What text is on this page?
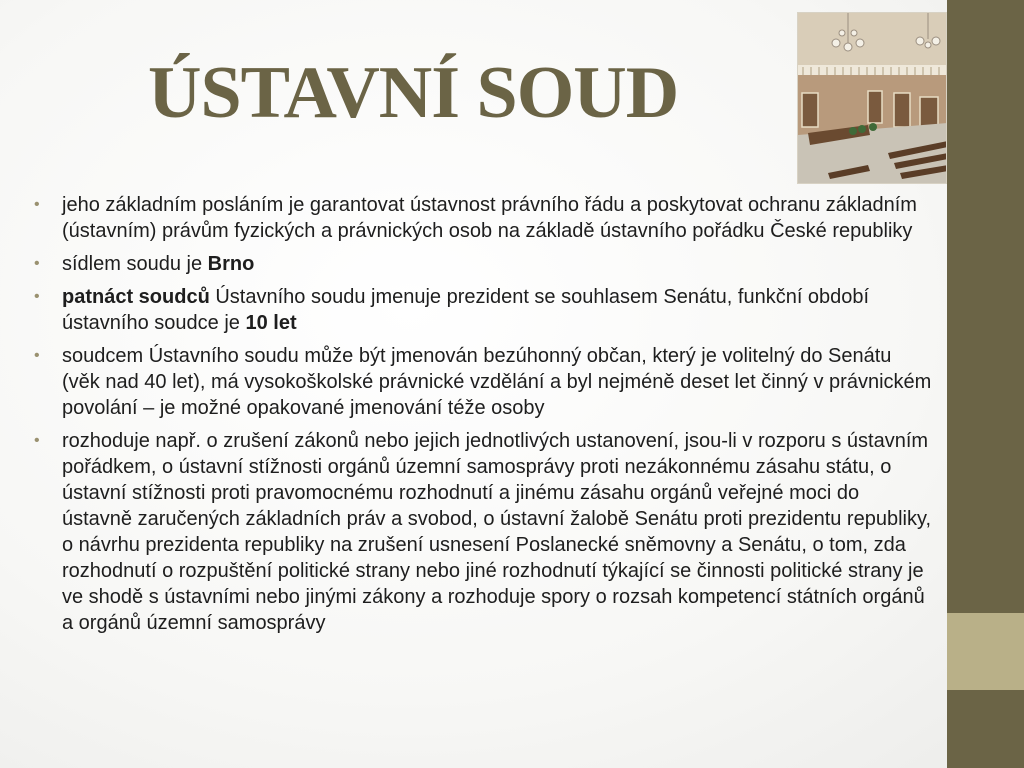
ÚSTAVNÍ SOUD
• jeho základním posláním je garantovat ústavnost právního řádu a poskytovat ochranu základním (ústavním) právům fyzických a právnických osob na základě ústavního pořádku České republiky
• sídlem soudu je Brno
• patnáct soudců Ústavního soudu jmenuje prezident se souhlasem Senátu, funkční období ústavního soudce je 10 let
• soudcem Ústavního soudu může být jmenován bezúhonný občan, který je volitelný do Senátu (věk nad 40 let), má vysokoškolské právnické vzdělání a byl nejméně deset let činný v právnickém povolání – je možné opakované jmenování téže osoby
• rozhoduje např. o zrušení zákonů nebo jejich jednotlivých ustanovení, jsou-li v rozporu s ústavním pořádkem, o ústavní stížnosti orgánů územní samosprávy proti nezákonnému zásahu státu, o ústavní stížnosti proti pravomocnému rozhodnutí a jinému zásahu orgánů veřejné moci do ústavně zaručených základních práv a svobod, o ústavní žalobě Senátu proti prezidentu republiky, o návrhu prezidenta republiky na zrušení usnesení Poslanecké sněmovny a Senátu, o tom, zda rozhodnutí o rozpuštění politické strany nebo jiné rozhodnutí týkající se činnosti politické strany je ve shodě s ústavními nebo jinými zákony a rozhoduje spory o rozsah kompetencí státních orgánů a orgánů územní samosprávy
